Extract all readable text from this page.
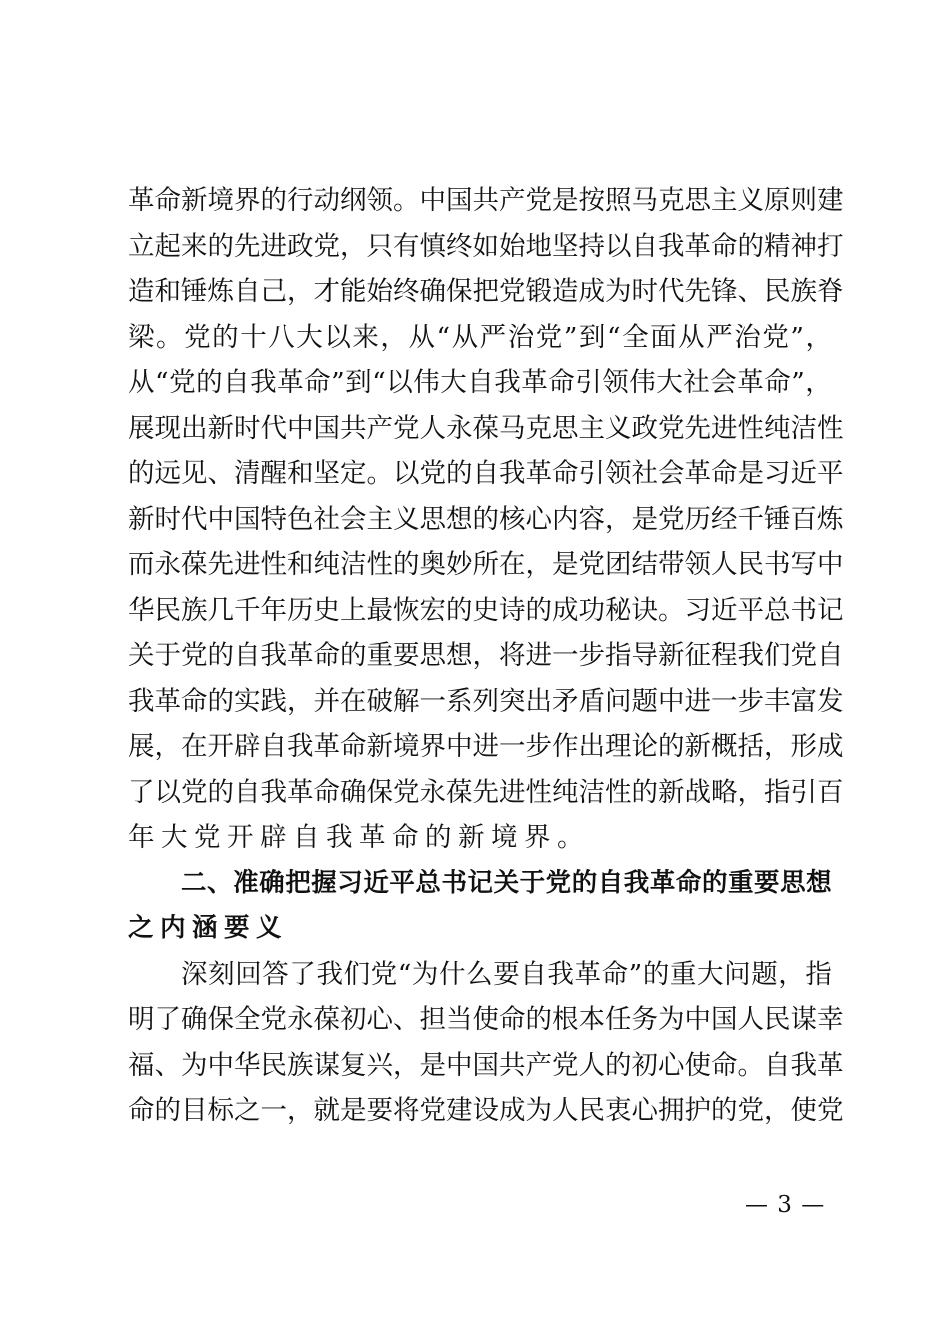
革 命 新 境 界 的 行 动 纲 领 。 中 国 共 产 党 是 按 照 马 克 思 主 义 原 则 建
立 起 来 的 先 进 政 党 ， 只 有 慎 终 如 始 地 坚 持 以 自 我 革 命 的 精 神 打
造 和 锤 炼 自 己 ， 才 能 始 终 确 保 把 党 锻 造 成 为 时 代 先 锋 、 民 族 脊
梁 。 党 的 十 八 大 以 来 ， 从 “ 从 严 治 党 ” 到 “ 全 面 从 严 治 党 ” ，
从 “ 党 的 自 我 革 命 ” 到 “ 以 伟 大 自 我 革 命 引 领 伟 大 社 会 革 命 ” ，
展 现 出 新 时 代 中 国 共 产 党 人 永 葆 马 克 思 主 义 政 党 先 进 性 纯 洁 性
的 远 见 、 清 醒 和 坚 定 。 以 党 的 自 我 革 命 引 领 社 会 革 命 是 习 近 平
新 时 代 中 国 特 色 社 会 主 义 思 想 的 核 心 内 容 ， 是 党 历 经 千 锤 百 炼
而 永 葆 先 进 性 和 纯 洁 性 的 奥 妙 所 在 ， 是 党 团 结 带 领 人 民 书 写 中
华 民 族 几 千 年 历 史 上 最 恢 宏 的 史 诗 的 成 功 秘 诀 。 习 近 平 总 书 记
关 于 党 的 自 我 革 命 的 重 要 思 想 ， 将 进 一 步 指 导 新 征 程 我 们 党 自
我 革 命 的 实 践 ， 并 在 破 解 一 系 列 突 出 矛 盾 问 题 中 进 一 步 丰 富 发
展 ， 在 开 辟 自 我 革 命 新 境 界 中 进 一 步 作 出 理 论 的 新 概 括 ， 形 成
了 以 党 的 自 我 革 命 确 保 党 永 葆 先 进 性 纯 洁 性 的 新 战 略 ， 指 引 百
年大党开辟自我革命的新境界。
二 、 准 确 把 握 习 近 平 总 书 记 关 于 党 的 自 我 革 命 的 重 要 思 想
之内涵要义
深 刻 回 答 了 我 们 党 “ 为 什 么 要 自 我 革 命 ” 的 重 大 问 题 ， 指
明 了 确 保 全 党 永 葆 初 心 、 担 当 使 命 的 根 本 任 务 为 中 国 人 民 谋 幸
福 、 为 中 华 民 族 谋 复 兴 ， 是 中 国 共 产 党 人 的 初 心 使 命 。 自 我 革
命 的 目 标 之 一 ， 就 是 要 将 党 建 设 成 为 人 民 衷 心 拥 护 的 党 ， 使 党
— 3 —
